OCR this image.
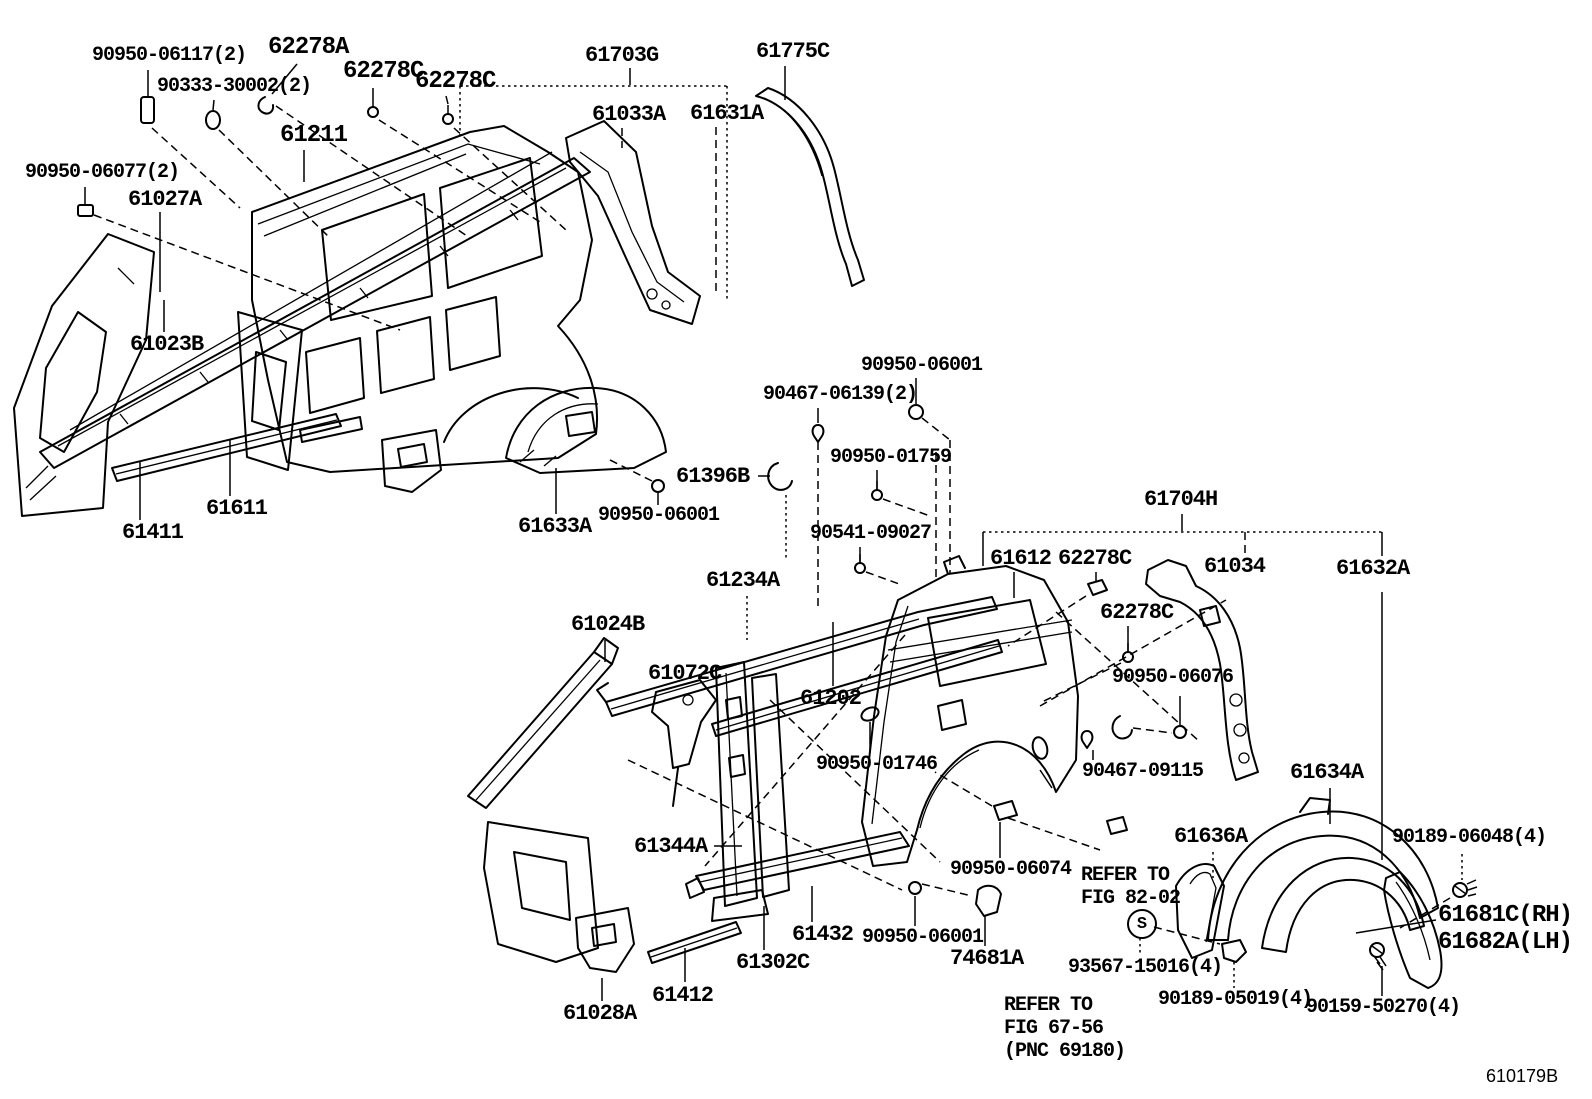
90950-06117(2) 62278A
90333-30002(2)
62278C
62278C
61703G	61775C
61033A 61631A
61211
90950-06077(2)
61027A
61023B
61411
61611
61633A 90950-06001
61396B
90950-06001
90467-06139(2)
90950-01759
90541-09027
61704H
61612 62278C	61034	61632A
62278C
61234A
61024B
61072C
61202
90950-06076
90950-01746	90467-09115	61634A
61636A	90189-06048(4)
61344A
90950-06074
61432 90950-06001
74681A
61302C	93567-15016(4)
61412
61028A
90189-05019(4)
90159-50270(4)
61681C(RH)
61682A(LH)
REFER TO
FIG 82-02
REFER TO
FIG 67-56
(PNC 69180)
S
610179B
